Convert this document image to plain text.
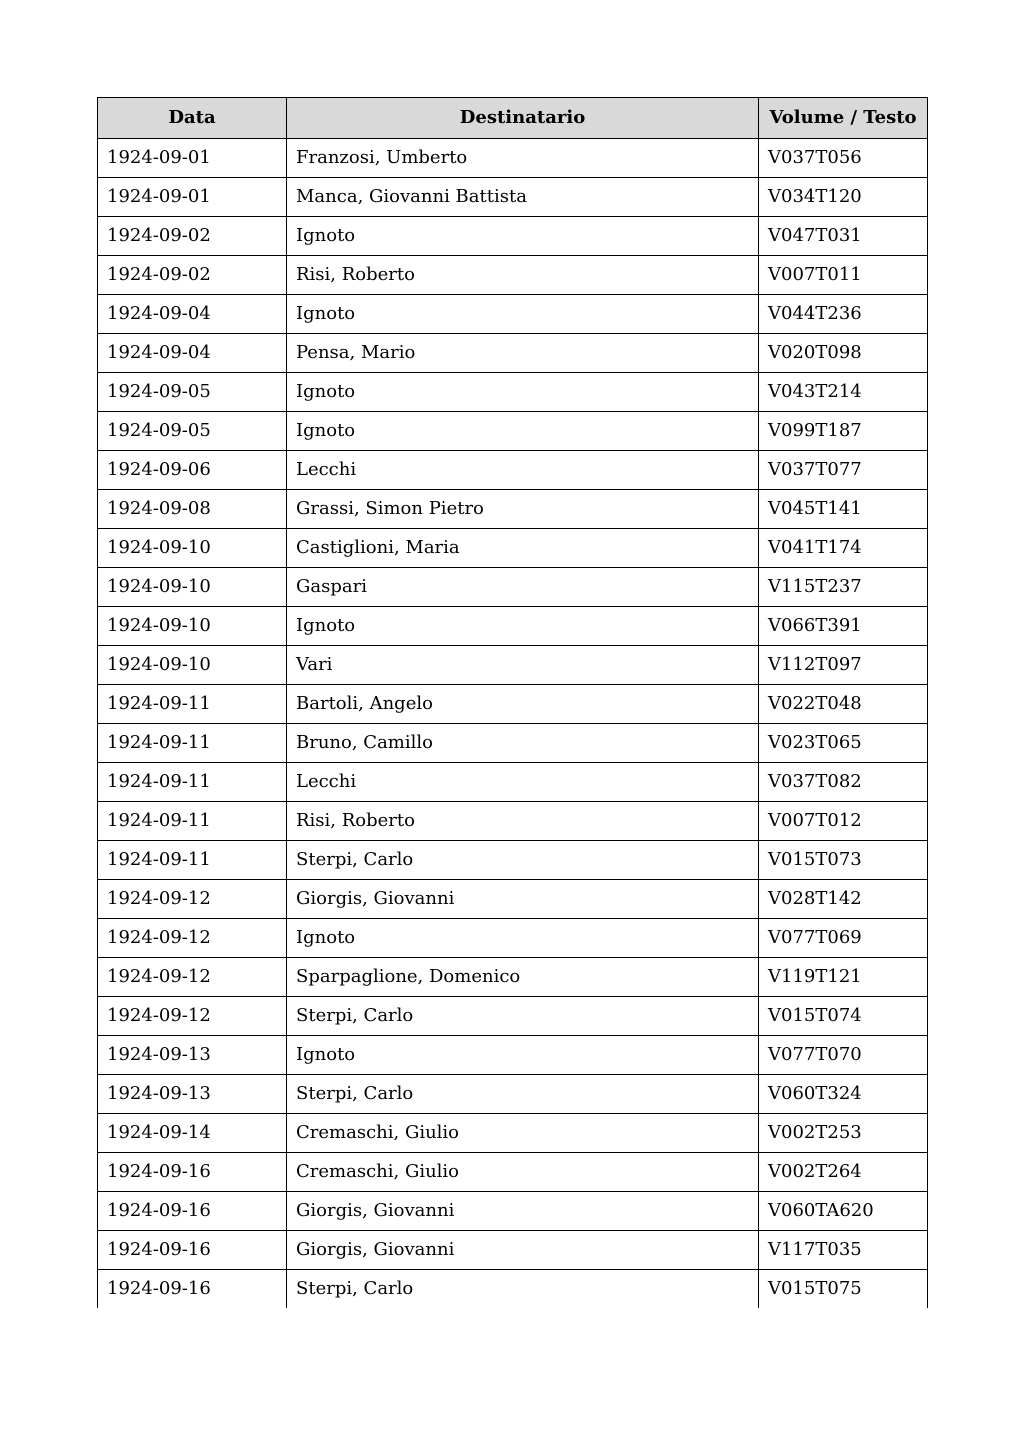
Data	Destinatario	Volume / Testo
1924-09-01	Franzosi, Umberto	V037T056
1924-09-01	Manca, Giovanni Battista	V034T120
1924-09-02	Ignoto	V047T031
1924-09-02	Risi, Roberto	V007T011
1924-09-04	Ignoto	V044T236
1924-09-04	Pensa, Mario	V020T098
1924-09-05	Ignoto	V043T214
1924-09-05	Ignoto	V099T187
1924-09-06	Lecchi	V037T077
1924-09-08	Grassi, Simon Pietro	V045T141
1924-09-10	Castiglioni, Maria	V041T174
1924-09-10	Gaspari	V115T237
1924-09-10	Ignoto	V066T391
1924-09-10	Vari	V112T097
1924-09-11	Bartoli, Angelo	V022T048
1924-09-11	Bruno, Camillo	V023T065
1924-09-11	Lecchi	V037T082
1924-09-11	Risi, Roberto	V007T012
1924-09-11	Sterpi, Carlo	V015T073
1924-09-12	Giorgis, Giovanni	V028T142
1924-09-12	Ignoto	V077T069
1924-09-12	Sparpaglione, Domenico	V119T121
1924-09-12	Sterpi, Carlo	V015T074
1924-09-13	Ignoto	V077T070
1924-09-13	Sterpi, Carlo	V060T324
1924-09-14	Cremaschi, Giulio	V002T253
1924-09-16	Cremaschi, Giulio	V002T264
1924-09-16	Giorgis, Giovanni	V060TA620
1924-09-16	Giorgis, Giovanni	V117T035
1924-09-16	Sterpi, Carlo	V015T075
